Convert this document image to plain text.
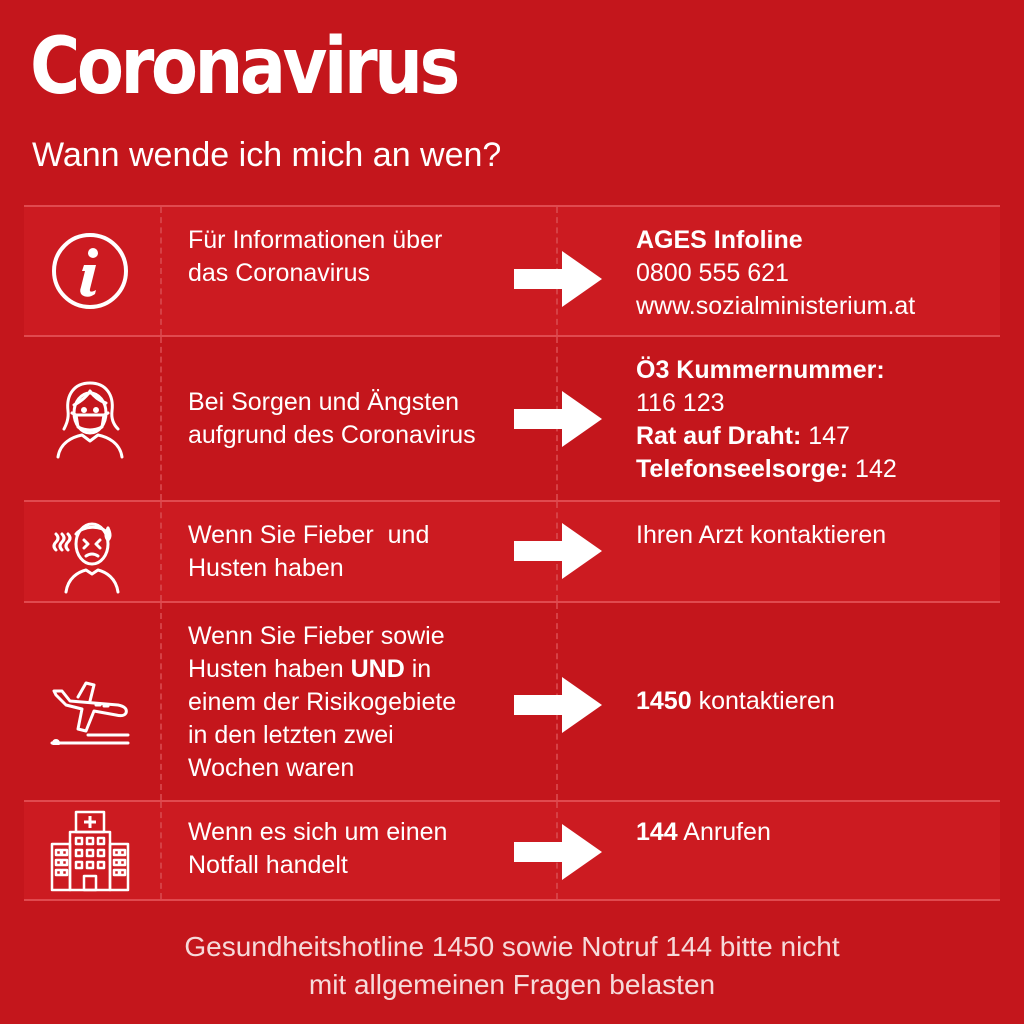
Coronavirus
Wann wende ich mich an wen?
Für Informationen über
das Coronavirus
AGES Infoline
0800 555 621
www.sozialministerium.at
Bei Sorgen und Ängsten
aufgrund des Coronavirus
Ö3 Kummernummer:
116 123
Rat auf Draht: 147
Telefonseelsorge: 142
Wenn Sie Fieber  und
Husten haben
Ihren Arzt kontaktieren
Wenn Sie Fieber sowie
Husten haben UND in
einem der Risikogebiete
in den letzten zwei
Wochen waren
1450 kontaktieren
Wenn es sich um einen
Notfall handelt
144 Anrufen
Gesundheitshotline 1450 sowie Notruf 144 bitte nicht
mit allgemeinen Fragen belasten
